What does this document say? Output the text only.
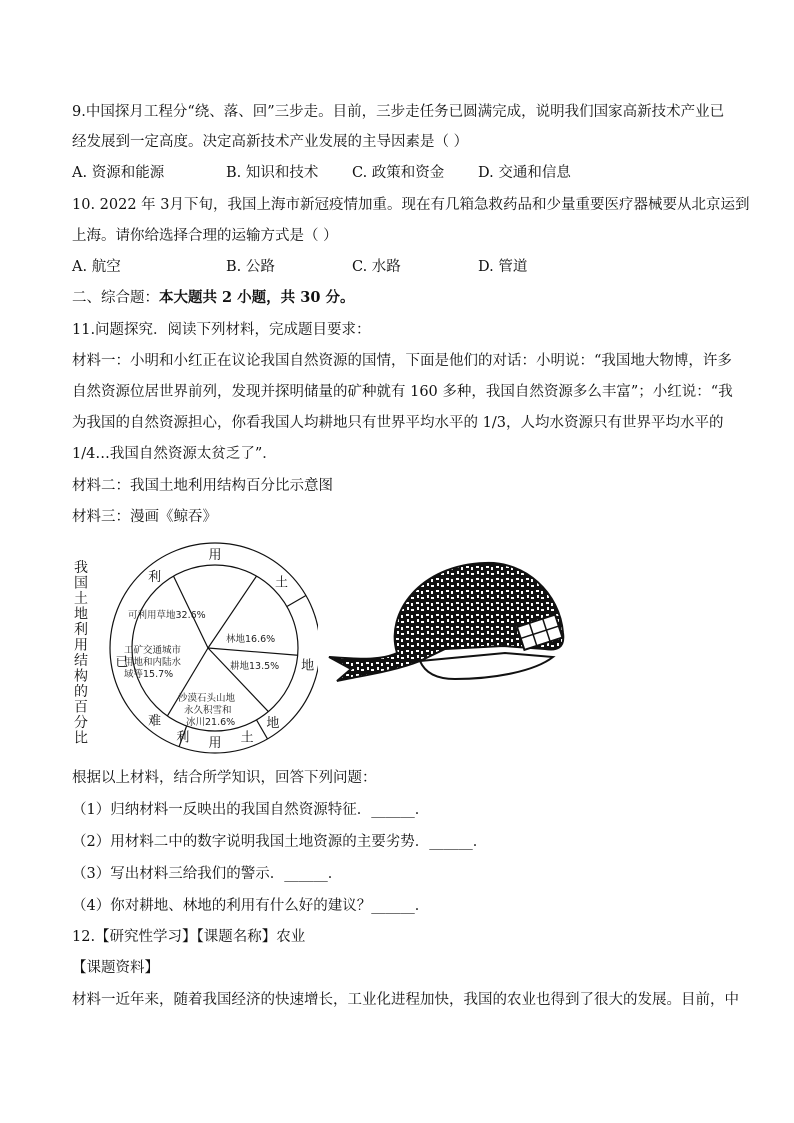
9.中国探月工程分“绕、落、回”三步走。目前，三步走任务已圆满完成，说明我们国家高新技术产业已
经发展到一定高度。决定高新技术产业发展的主导因素是（ ）
A. 资源和能源	B. 知识和技术 C. 政策和资金 D. 交通和信息
10. 2022 年 3月下旬，我国上海市新冠疫情加重。现在有几箱急救药品和少量重要医疗器械要从北京运到
上海。请你给选择合理的运输方式是（ ）
A. 航空	B. 公路	C. 水路	D. 管道
二、综合题：本大题共 2 小题，共 30 分。
11.问题探究．阅读下列材料，完成题目要求：
材料一：小明和小红正在议论我国自然资源的国情，下面是他们的对话：小明说：“我国地大物博，许多
自然资源位居世界前列，发现并探明储量的矿种就有 160 多种，我国自然资源多么丰富”；小红说：“我
为我国的自然资源担心，你看我国人均耕地只有世界平均水平的 1/3，人均水资源只有世界平均水平的
1/4…我国自然资源太贫乏了”．
材料二：我国土地利用结构百分比示意图
材料三：漫画《鲸吞》
我
国
土
地
利
用
结
构
的
百
分
比
利
用
土
地
难
利 用 土
地
已
可利用草地32.6%
林地16.6%
耕地13.5%
沙漠石头山地
永久积雪和
冰川21.6%
工矿交通城市
用地和内陆水
域等15.7%
根据以上材料，结合所学知识，回答下列问题：
（1）归纳材料一反映出的我国自然资源特征．______．
（2）用材料二中的数字说明我国土地资源的主要劣势．______．
（3）写出材料三给我们的警示．______．
（4）你对耕地、林地的利用有什么好的建议？______．
12.【研究性学习】【课题名称】农业
【课题资料】
材料一近年来，随着我国经济的快速增长，工业化进程加快，我国的农业也得到了很大的发展。目前，中
